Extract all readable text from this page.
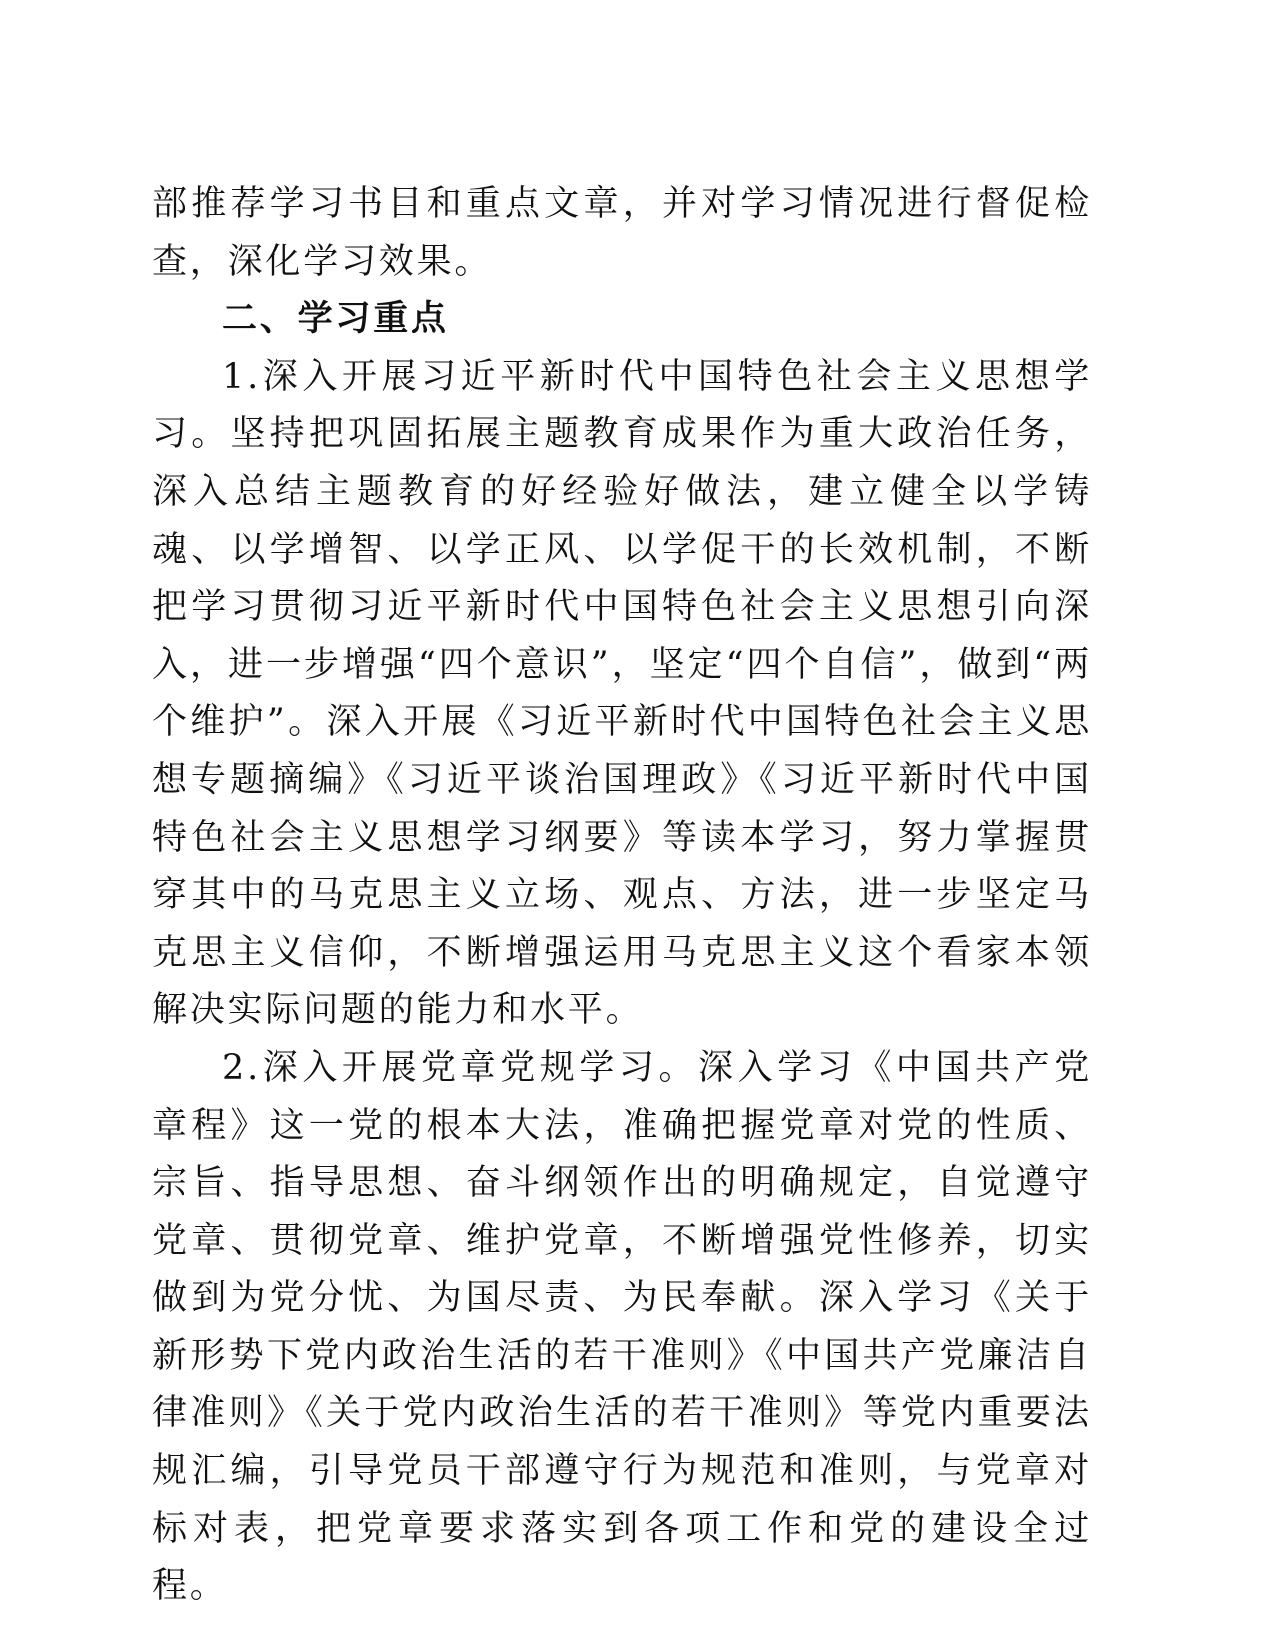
部推荐学习书目和重点文章，并对学习情况进行督促检查，深化学习效果。

二、学习重点

1.深入开展习近平新时代中国特色社会主义思想学习。坚持把巩固拓展主题教育成果作为重大政治任务，深入总结主题教育的好经验好做法，建立健全以学铸魂、以学增智、以学正风、以学促干的长效机制，不断把学习贯彻习近平新时代中国特色社会主义思想引向深入，进一步增强“四个意识”，坚定“四个自信”，做到“两个维护”。深入开展《习近平新时代中国特色社会主义思想专题摘编》《习近平谈治国理政》《习近平新时代中国特色社会主义思想学习纲要》等读本学习，努力掌握贯穿其中的马克思主义立场、观点、方法，进一步坚定马克思主义信仰，不断增强运用马克思主义这个看家本领解决实际问题的能力和水平。

2.深入开展党章党规学习。深入学习《中国共产党章程》这一党的根本大法，准确把握党章对党的性质、宗旨、指导思想、奋斗纲领作出的明确规定，自觉遵守党章、贯彻党章、维护党章，不断增强党性修养，切实做到为党分忧、为国尽责、为民奉献。深入学习《关于新形势下党内政治生活的若干准则》《中国共产党廉洁自律准则》《关于党内政治生活的若干准则》等党内重要法规汇编，引导党员干部遵守行为规范和准则，与党章对标对表，把党章要求落实到各项工作和党的建设全过程。
